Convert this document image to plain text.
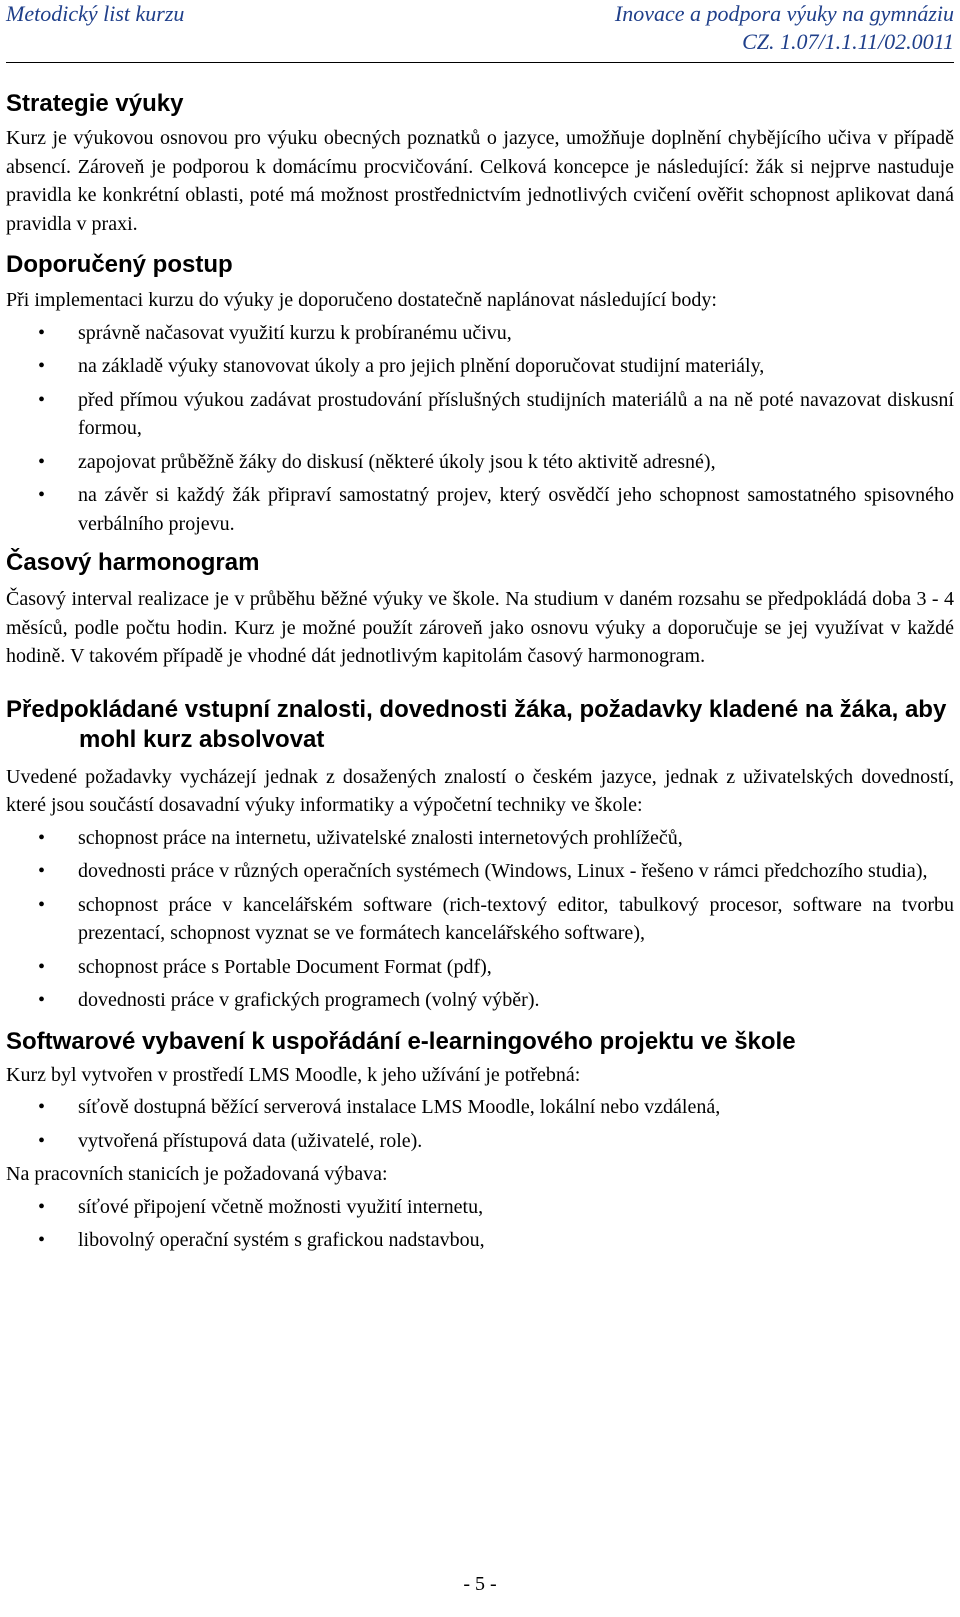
Metodický list kurzu	Inovace a podpora výuky na gymnáziu
CZ. 1.07/1.1.11/02.0011
Strategie výuky

Kurz je výukovou osnovou pro výuku obecných poznatků o jazyce, umožňuje doplnění chybějícího učiva v případě absencí. Zároveň je podporou k domácímu procvičování. Celková koncepce je následující: žák si nejprve nastuduje pravidla ke konkrétní oblasti, poté má možnost prostřednictvím jednotlivých cvičení ověřit schopnost aplikovat daná pravidla v praxi.

Doporučený postup

Při implementaci kurzu do výuky je doporučeno dostatečně naplánovat následující body:

• správně načasovat využití kurzu k probíranému učivu,
• na základě výuky stanovovat úkoly a pro jejich plnění doporučovat studijní materiály,
• před přímou výukou zadávat prostudování příslušných studijních materiálů a na ně poté navazovat diskusní formou,
• zapojovat průběžně žáky do diskusí (některé úkoly jsou k této aktivitě adresné),
• na závěr si každý žák připraví samostatný projev, který osvědčí jeho schopnost samostatného spisovného verbálního projevu.
Časový harmonogram

Časový interval realizace je v průběhu běžné výuky ve škole. Na studium v daném rozsahu se předpokládá doba 3 - 4 měsíců, podle počtu hodin. Kurz je možné použít zároveň jako osnovu výuky a doporučuje se jej využívat v každé hodině. V takovém případě je vhodné dát jednotlivým kapitolám časový harmonogram.

Předpokládané vstupní znalosti, dovednosti žáka, požadavky kladené na žáka, aby mohl kurz absolvovat

Uvedené požadavky vycházejí jednak z dosažených znalostí o českém jazyce, jednak z uživatelských dovedností, které jsou součástí dosavadní výuky informatiky a výpočetní techniky ve škole:

• schopnost práce na internetu, uživatelské znalosti internetových prohlížečů,
• dovednosti práce v různých operačních systémech (Windows, Linux - řešeno v rámci předchozího studia),
• schopnost práce v kancelářském software (rich-textový editor, tabulkový procesor, software na tvorbu prezentací, schopnost vyznat se ve formátech kancelářského software),
• schopnost práce s Portable Document Format (pdf),
• dovednosti práce v grafických programech (volný výběr).
Softwarové vybavení k uspořádání e-learningového projektu ve škole

Kurz byl vytvořen v prostředí LMS Moodle, k jeho užívání je potřebná:

• síťově dostupná běžící serverová instalace LMS Moodle, lokální nebo vzdálená,
• vytvořená přístupová data (uživatelé, role).

Na pracovních stanicích je požadovaná výbava:

• síťové připojení včetně možnosti využití internetu,
• libovolný operační systém s grafickou nadstavbou,
- 5 -
